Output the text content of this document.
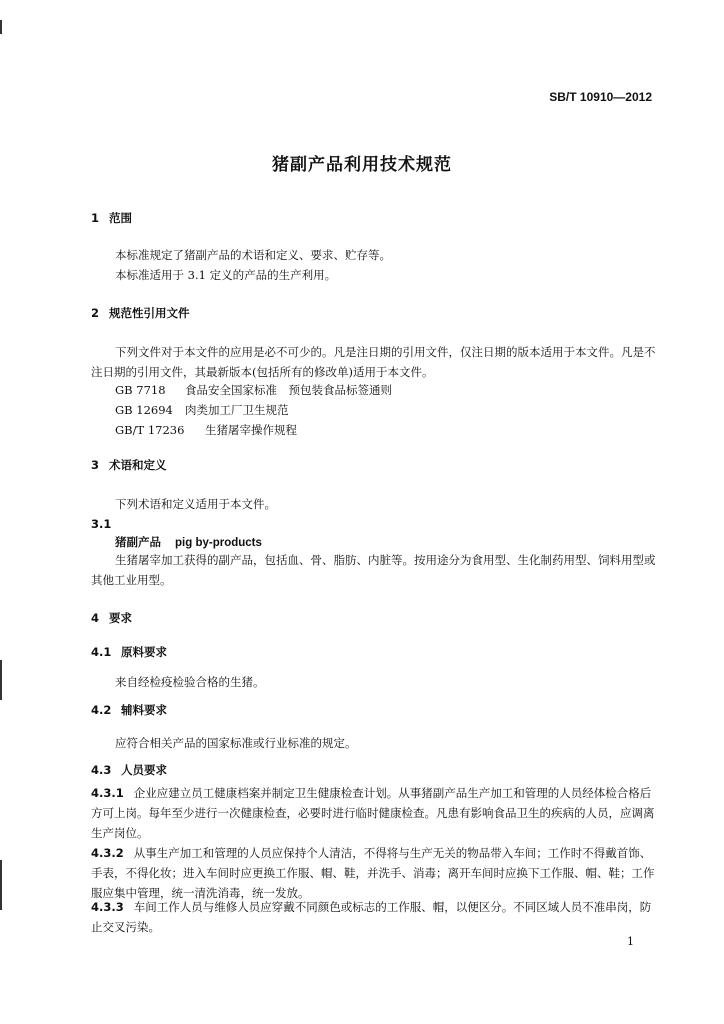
SB/T 10910—2012
猪副产品利用技术规范
1 范围
本标准规定了猪副产品的术语和定义、要求、贮存等。
本标准适用于 3.1 定义的产品的生产利用。
2 规范性引用文件
下列文件对于本文件的应用是必不可少的。凡是注日期的引用文件，仅注日期的版本适用于本文件。凡是不注日期的引用文件，其最新版本(包括所有的修改单)适用于本文件。
GB 7718 食品安全国家标准　预包装食品标签通则
GB 12694 肉类加工厂卫生规范
GB/T 17236 生猪屠宰操作规程
3 术语和定义
下列术语和定义适用于本文件。
3.1
猪副产品 pig by-products
生猪屠宰加工获得的副产品，包括血、骨、脂肪、内脏等。按用途分为食用型、生化制药用型、饲料用型或其他工业用型。
4 要求
4.1 原料要求
来自经检疫检验合格的生猪。
4.2 辅料要求
应符合相关产品的国家标准或行业标准的规定。
4.3 人员要求
4.3.1 企业应建立员工健康档案并制定卫生健康检查计划。从事猪副产品生产加工和管理的人员经体检合格后方可上岗。每年至少进行一次健康检查，必要时进行临时健康检查。凡患有影响食品卫生的疾病的人员，应调离生产岗位。
4.3.2 从事生产加工和管理的人员应保持个人清洁，不得将与生产无关的物品带入车间；工作时不得戴首饰、手表，不得化妆；进入车间时应更换工作服、帽、鞋，并洗手、消毒；离开车间时应换下工作服、帽、鞋；工作服应集中管理，统一清洗消毒，统一发放。
4.3.3 车间工作人员与维修人员应穿戴不同颜色或标志的工作服、帽，以便区分。不同区域人员不准串岗，防止交叉污染。
1
